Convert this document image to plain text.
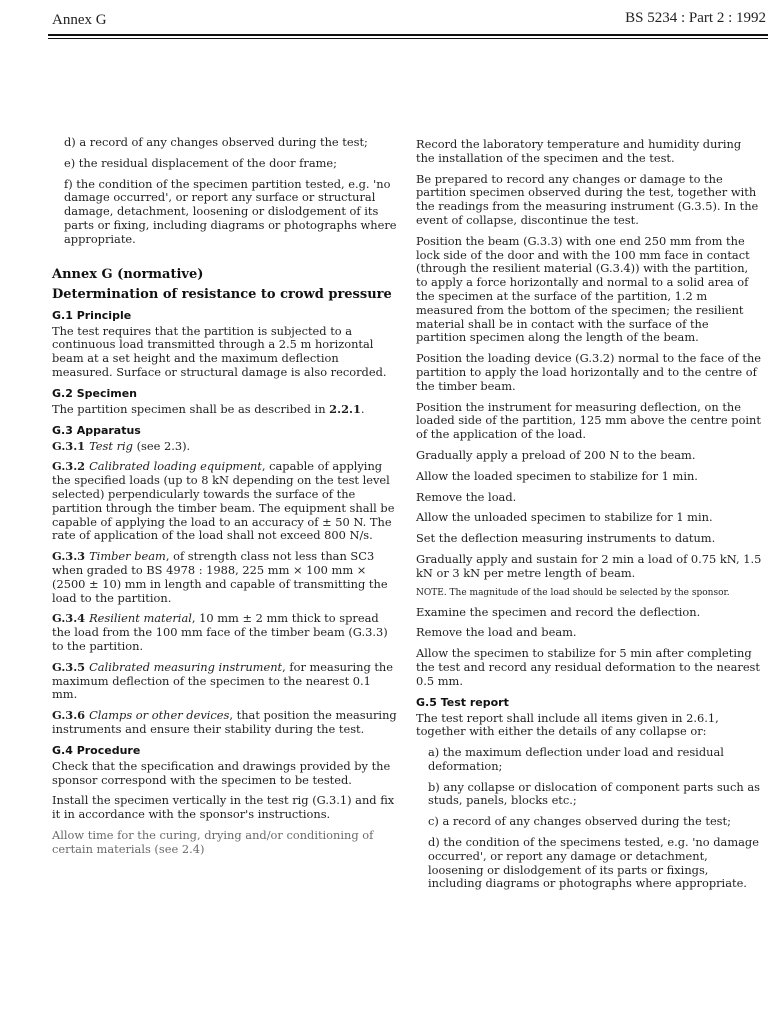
Annex G	BS 5234 : Part 2 : 1992

d) a record of any changes observed during the test;

e) the residual displacement of the door frame;

f) the condition of the specimen partition tested, e.g. 'no damage occurred', or report any surface or structural damage, detachment, loosening or dislodgement of its parts or fixing, including diagrams or photographs where appropriate.

Annex G (normative)
Determination of resistance to crowd pressure
G.1 Principle

The test requires that the partition is subjected to a continuous load transmitted through a 2.5 m horizontal beam at a set height and the maximum deflection measured. Surface or structural damage is also recorded.

G.2 Specimen

The partition specimen shall be as described in 2.2.1.

G.3 Apparatus

G.3.1 Test rig (see 2.3).

G.3.2 Calibrated loading equipment, capable of applying the specified loads (up to 8 kN depending on the test level selected) perpendicularly towards the surface of the partition through the timber beam. The equipment shall be capable of applying the load to an accuracy of ± 50 N. The rate of application of the load shall not exceed 800 N/s.

G.3.3 Timber beam, of strength class not less than SC3 when graded to BS 4978 : 1988, 225 mm × 100 mm × (2500 ± 10) mm in length and capable of transmitting the load to the partition.

G.3.4 Resilient material, 10 mm ± 2 mm thick to spread the load from the 100 mm face of the timber beam (G.3.3) to the partition.

G.3.5 Calibrated measuring instrument, for measuring the maximum deflection of the specimen to the nearest 0.1 mm.

G.3.6 Clamps or other devices, that position the measuring instruments and ensure their stability during the test.

G.4 Procedure

Check that the specification and drawings provided by the sponsor correspond with the specimen to be tested.

Install the specimen vertically in the test rig (G.3.1) and fix it in accordance with the sponsor's instructions.

Allow time for the curing, drying and/or conditioning of certain materials (see 2.4)

Record the laboratory temperature and humidity during the installation of the specimen and the test.

Be prepared to record any changes or damage to the partition specimen observed during the test, together with the readings from the measuring instrument (G.3.5). In the event of collapse, discontinue the test.

Position the beam (G.3.3) with one end 250 mm from the lock side of the door and with the 100 mm face in contact (through the resilient material (G.3.4)) with the partition, to apply a force horizontally and normal to a solid area of the specimen at the surface of the partition, 1.2 m measured from the bottom of the specimen; the resilient material shall be in contact with the surface of the partition specimen along the length of the beam.

Position the loading device (G.3.2) normal to the face of the partition to apply the load horizontally and to the centre of the timber beam.

Position the instrument for measuring deflection, on the loaded side of the partition, 125 mm above the centre point of the application of the load.

Gradually apply a preload of 200 N to the beam.

Allow the loaded specimen to stabilize for 1 min.

Remove the load.

Allow the unloaded specimen to stabilize for 1 min.

Set the deflection measuring instruments to datum.

Gradually apply and sustain for 2 min a load of 0.75 kN, 1.5 kN or 3 kN per metre length of beam.

NOTE. The magnitude of the load should be selected by the sponsor.

Examine the specimen and record the deflection.

Remove the load and beam.

Allow the specimen to stabilize for 5 min after completing the test and record any residual deformation to the nearest 0.5 mm.

G.5 Test report

The test report shall include all items given in 2.6.1, together with either the details of any collapse or:

a) the maximum deflection under load and residual deformation;

b) any collapse or dislocation of component parts such as studs, panels, blocks etc.;

c) a record of any changes observed during the test;

d) the condition of the specimens tested, e.g. 'no damage occurred', or report any damage or detachment, loosening or dislodgement of its parts or fixings, including diagrams or photographs where appropriate.
